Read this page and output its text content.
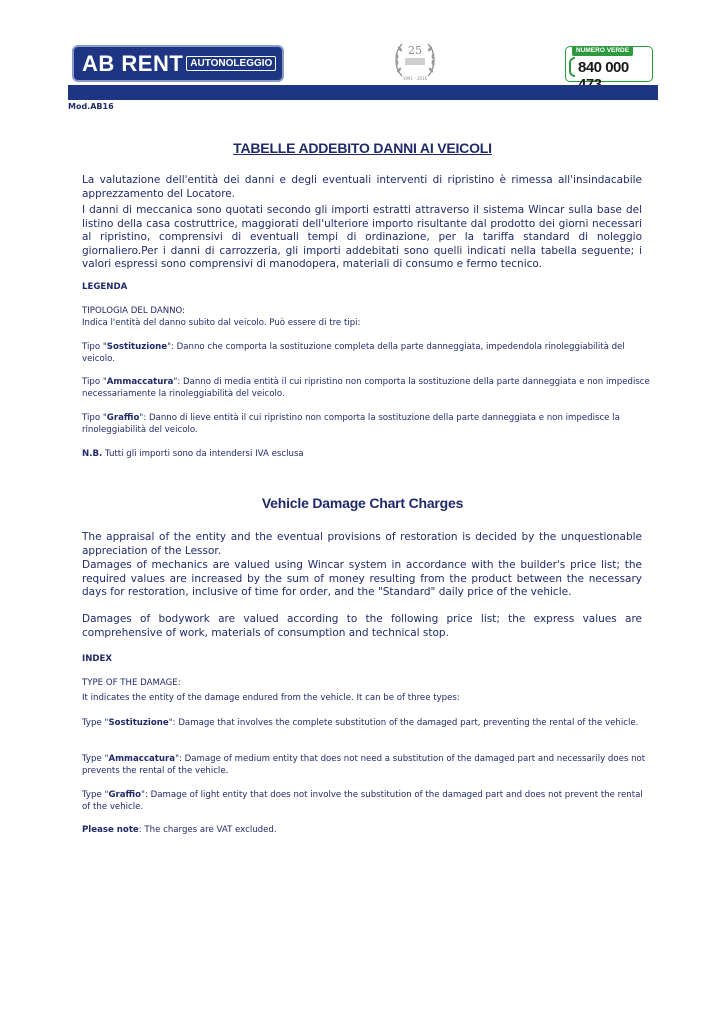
AB RENT AUTONOLEGGIO
25
1991 - 2016
NUMERO VERDE
840 000
Mod.AB16
TABELLE ADDEBITO DANNI AI VEICOLI

La valutazione dell'entità dei danni e degli eventuali interventi di ripristino è rimessa all'insindacabile apprezzamento del Locatore.

I danni di meccanica sono quotati secondo gli importi estratti attraverso il sistema Wincar sulla base del listino della casa costruttrice, maggiorati dell'ulteriore importo risultante dal prodotto dei giorni necessari al ripristino, comprensivi di eventuali tempi di ordinazione, per la tariffa standard di noleggio giornaliero.Per i danni di carrozzeria, gli importi addebitati sono quelli indicati nella tabella seguente; i valori espressi sono comprensivi di manodopera, materiali di consumo e fermo tecnico.

LEGENDA

TIPOLOGIA DEL DANNO:

Indica l'entità del danno subito dal veicolo. Può essere di tre tipi:

Tipo "Sostituzione": Danno che comporta la sostituzione completa della parte danneggiata, impedendola rinoleggiabilità del veicolo.

Tipo "Ammaccatura": Danno di media entità il cui ripristino non comporta la sostituzione della parte danneggiata e non impedisce necessariamente la rinoleggiabilità del veicolo.

Tipo "Graffio": Danno di lieve entità il cui ripristino non comporta la sostituzione della parte danneggiata e non impedisce la rinoleggiabilità del veicolo.

N.B. Tutti gli importi sono da intendersi IVA esclusa

Vehicle Damage Chart Charges

The appraisal of the entity and the eventual provisions of restoration is decided by the unquestionable appreciation of the Lessor.

Damages of mechanics are valued using Wincar system in accordance with the builder's price list; the required values are increased by the sum of money resulting from the product between the necessary days for restoration, inclusive of time for order, and the "Standard" daily price of the vehicle.

Damages of bodywork are valued according to the following price list; the express values are comprehensive of work, materials of consumption and technical stop.

INDEX

TYPE OF THE DAMAGE:

It indicates the entity of the damage endured from the vehicle. It can be of three types:

Type "Sostituzione": Damage that involves the complete substitution of the damaged part, preventing the rental of the vehicle.

Type "Ammaccatura": Damage of medium entity that does not need a substitution of the damaged part and necessarily does not prevents the rental of the vehicle.

Type "Graffio": Damage of light entity that does not involve the substitution of the damaged part and does not prevent the rental of the vehicle.

Please note: The charges are VAT excluded.
